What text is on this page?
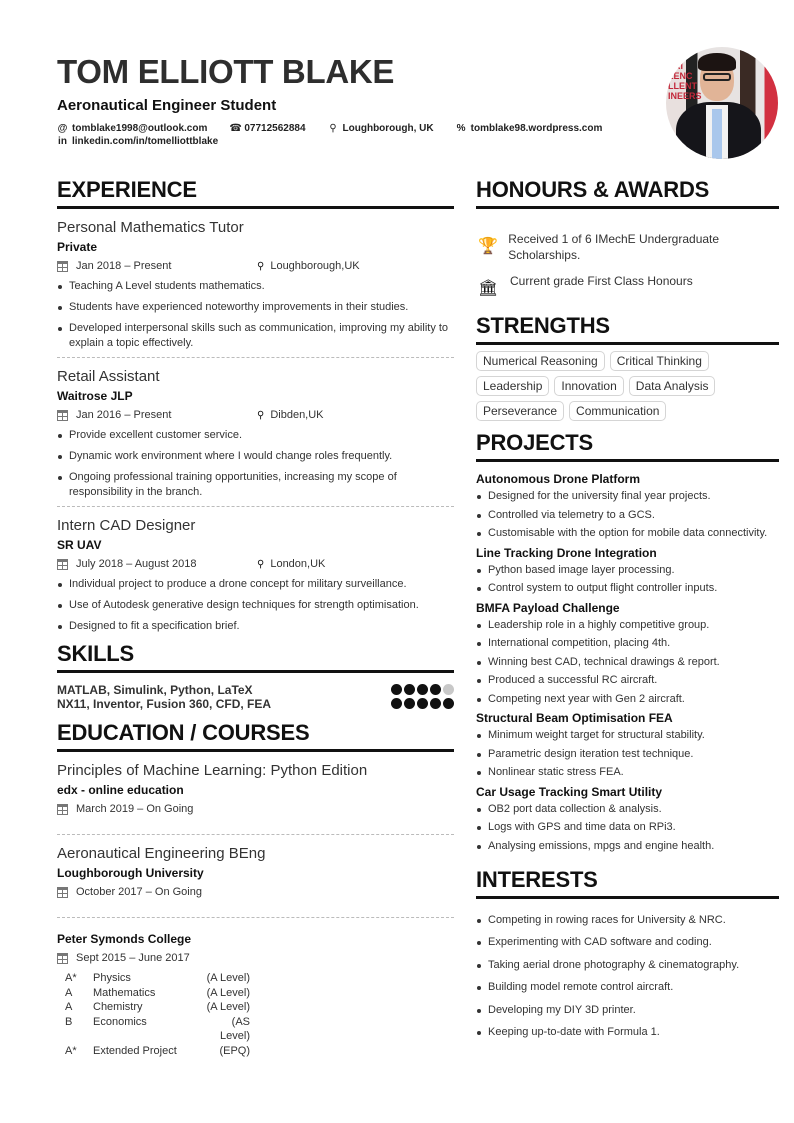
TOM ELLIOTT BLAKE
Aeronautical Engineer Student
@ tomblake1998@outlook.com ☎ 07712562884 ⚲ Loughborough, UK % tomblake98.wordpress.com
in linkedin.com/in/tomelliottblake
ERI
LENC
LLENT
INEERS
EXPERIENCE
Personal Mathematics Tutor
Private
Jan 2018 – Present	⚲ Loughborough,UK
Teaching A Level students mathematics.
Students have experienced noteworthy improvements in their studies.
Developed interpersonal skills such as communication, improving my ability to explain a topic effectively.
Retail Assistant
Waitrose JLP
Jan 2016 – Present	⚲ Dibden,UK
Provide excellent customer service.
Dynamic work environment where I would change roles frequently.
Ongoing professional training opportunities, increasing my scope of responsibility in the branch.
Intern CAD Designer
SR UAV
July 2018 – August 2018	⚲ London,UK
Individual project to produce a drone concept for military surveillance.
Use of Autodesk generative design techniques for strength optimisation.
Designed to fit a specification brief.
SKILLS
MATLAB, Simulink, Python, LaTeX
NX11, Inventor, Fusion 360, CFD, FEA
EDUCATION / COURSES
Principles of Machine Learning: Python Edition
edx - online education
March 2019 – On Going
Aeronautical Engineering BEng
Loughborough University
October 2017 – On Going
Peter Symonds College
Sept 2015 – June 2017
A*	Physics	(A Level)
A	Mathematics	(A Level)
A	Chemistry	(A Level)
B	Economics	(AS Level)
A*	Extended Project	(EPQ)
HONOURS & AWARDS
🏆 Received 1 of 6 IMechE Undergraduate Scholarships.
🏛 Current grade First Class Honours
STRENGTHS
Numerical Reasoning	Critical Thinking
Leadership	Innovation	Data Analysis
Perseverance	Communication
PROJECTS
Autonomous Drone Platform
Designed for the university final year projects.
Controlled via telemetry to a GCS.
Customisable with the option for mobile data connectivity.
Line Tracking Drone Integration
Python based image layer processing.
Control system to output flight controller inputs.
BMFA Payload Challenge
Leadership role in a highly competitive group.
International competition, placing 4th.
Winning best CAD, technical drawings & report.
Produced a successful RC aircraft.
Competing next year with Gen 2 aircraft.
Structural Beam Optimisation FEA
Minimum weight target for structural stability.
Parametric design iteration test technique.
Nonlinear static stress FEA.
Car Usage Tracking Smart Utility
OB2 port data collection & analysis.
Logs with GPS and time data on RPi3.
Analysing emissions, mpgs and engine health.
INTERESTS
Competing in rowing races for University & NRC.
Experimenting with CAD software and coding.
Taking aerial drone photography & cinematography.
Building model remote control aircraft.
Developing my DIY 3D printer.
Keeping up-to-date with Formula 1.
